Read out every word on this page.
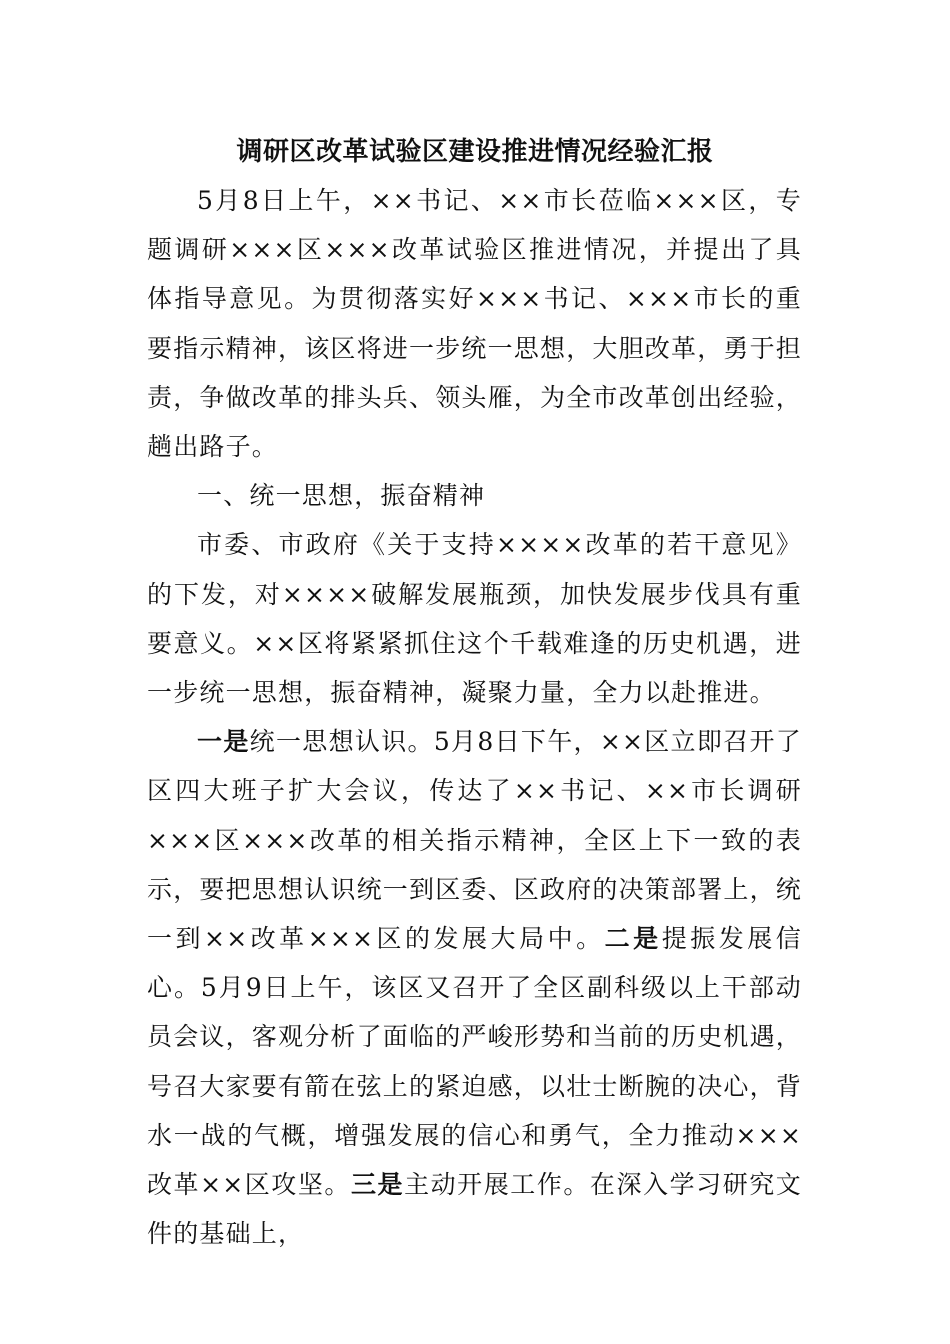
调研区改革试验区建设推进情况经验汇报

5月8日上午，××书记、××市长莅临×××区，专题调研×××区×××改革试验区推进情况，并提出了具体指导意见。为贯彻落实好×××书记、×××市长的重要指示精神，该区将进一步统一思想，大胆改革，勇于担责，争做改革的排头兵、领头雁，为全市改革创出经验，趟出路子。

一、统一思想，振奋精神

市委、市政府《关于支持××××改革的若干意见》的下发，对××××破解发展瓶颈，加快发展步伐具有重要意义。××区将紧紧抓住这个千载难逢的历史机遇，进一步统一思想，振奋精神，凝聚力量，全力以赴推进。

一是统一思想认识。5月8日下午，××区立即召开了区四大班子扩大会议，传达了××书记、××市长调研×××区×××改革的相关指示精神，全区上下一致的表示，要把思想认识统一到区委、区政府的决策部署上，统一到××改革×××区的发展大局中。二是提振发展信心。5月9日上午，该区又召开了全区副科级以上干部动员会议，客观分析了面临的严峻形势和当前的历史机遇，号召大家要有箭在弦上的紧迫感，以壮士断腕的决心，背水一战的气概，增强发展的信心和勇气，全力推动×××改革××区攻坚。三是主动开展工作。在深入学习研究文件的基础上，
